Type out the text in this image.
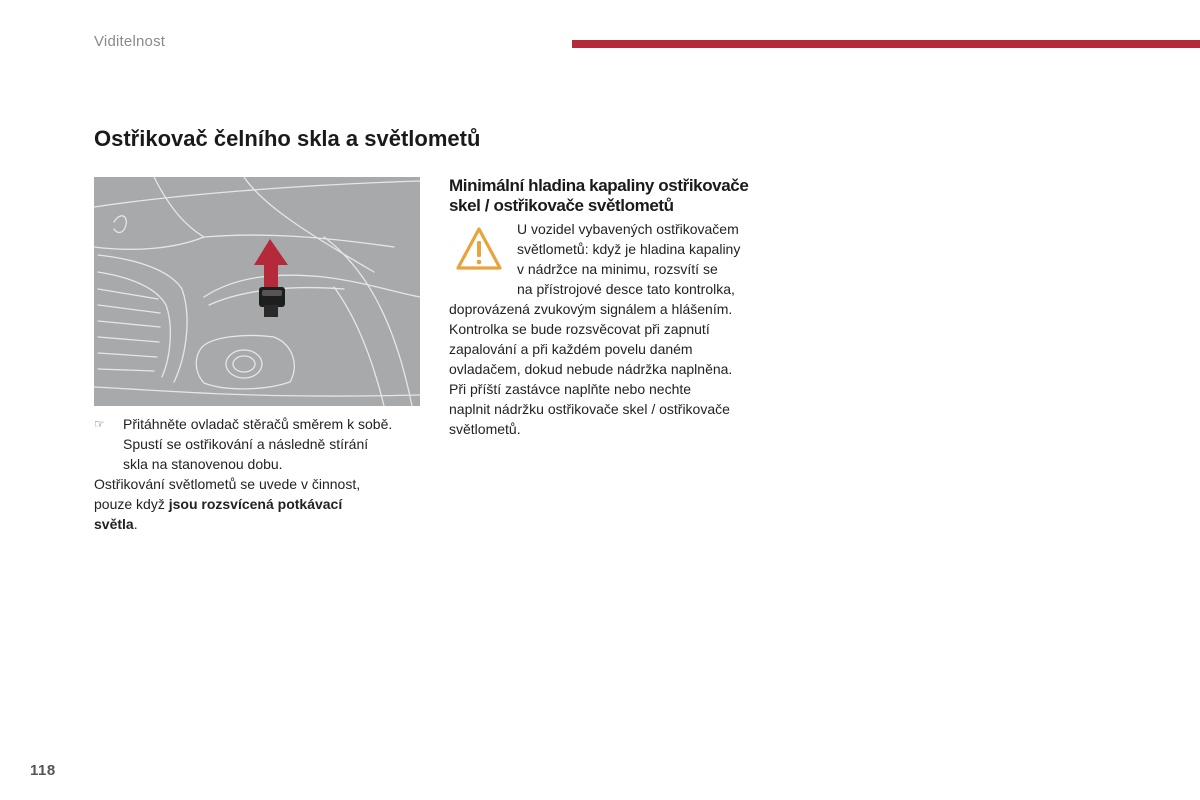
Viditelnost
Ostřikovač čelního skla a světlometů
☞	Přitáhněte ovladač stěračů směrem k sobě.
Spustí se ostřikování a následně stírání
skla na stanovenou dobu.
Ostřikování světlometů se uvede v činnost,
pouze když jsou rozsvícená potkávací
světla.
Minimální hladina kapaliny ostřikovače
skel / ostřikovače světlometů
U vozidel vybavených ostřikovačem
světlometů: když je hladina kapaliny
v nádržce na minimu, rozsvítí se
na přístrojové desce tato kontrolka,
doprovázená zvukovým signálem a hlášením.
Kontrolka se bude rozsvěcovat při zapnutí
zapalování a při každém povelu daném
ovladačem, dokud nebude nádržka naplněna.
Při příští zastávce naplňte nebo nechte
naplnit nádržku ostřikovače skel / ostřikovače
světlometů.
118
